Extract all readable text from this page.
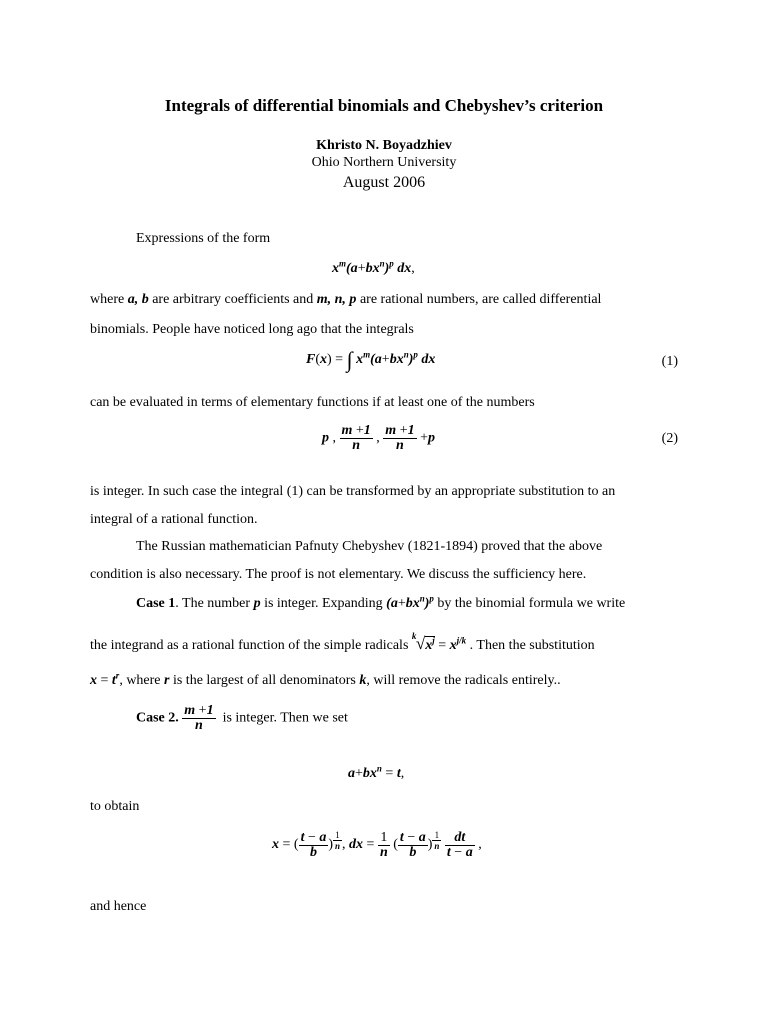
Integrals of differential binomials and Chebyshev’s criterion
Khristo N. Boyadzhiev
Ohio Northern University
August 2006
Expressions of the form
$x^m(a+bx^n)^p$ dx,
where a, b are arbitrary coefficients and m, n, p are rational numbers, are called differential
binomials. People have noticed long ago that the integrals
F(x) = ∫ $x^m(a+bx^n)^p$ dx	(1)
can be evaluated in terms of elementary functions if at least one of the numbers
p , $\frac{m +1}{n}$ , $\frac{m +1}{n} +p$	(2)
is integer. In such case the integral (1) can be transformed by an appropriate substitution to an
integral of a rational function.
The Russian mathematician Pafnuty Chebyshev (1821-1894) proved that the above
condition is also necessary. The proof is not elementary. We discuss the sufficiency here.
Case 1. The number p is integer. Expanding $(a+bx^n)^p$ by the binomial formula we write
the integrand as a rational function of the simple radicals
k $√x^j = x^{j/k}$ . Then the substitution
$x = t^r$, where r is the largest of all denominators k, will remove the radicals entirely..
Case 2. $\frac{m +1}{n}$ is integer. Then we set
$a+bx^n = t$,
to obtain
x = ( $\frac{t - a}{b}$ ) $^{\frac{1}{n}}$ , dx = $\frac{1}{n}$ ( $\frac{t - a}{b}$ ) $^{\frac{1}{n}}$
$\frac{dt}{t - a}$ ,
and hence
